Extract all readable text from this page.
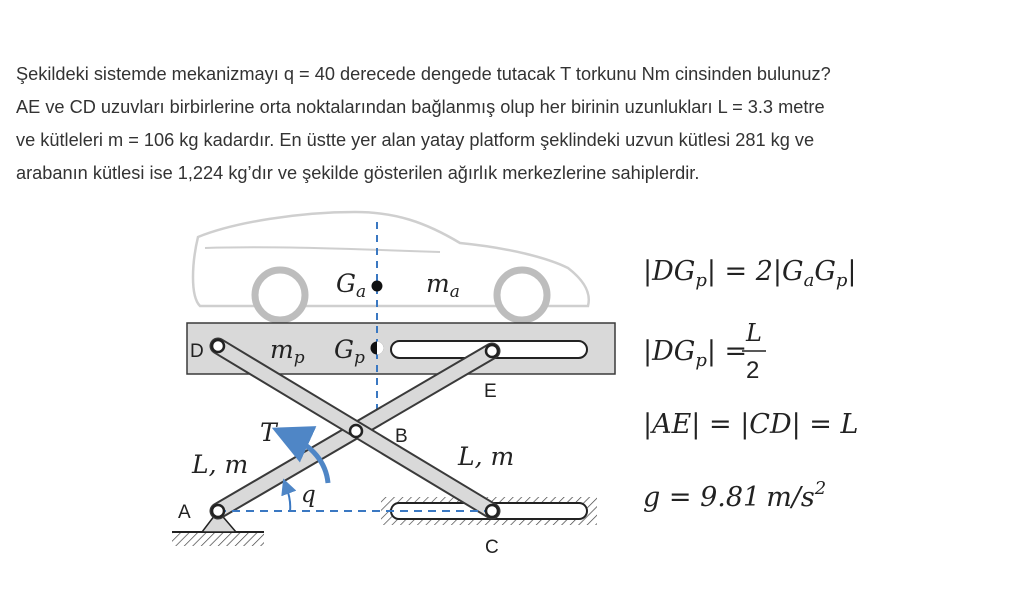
Şekildeki sistemde mekanizmayı q = 40 derecede dengede tutacak T torkunu Nm cinsinden bulunuz?
AE ve CD uzuvları birbirlerine orta noktalarından bağlanmış olup her birinin uzunlukları L = 3.3 metre
ve kütleleri m = 106 kg kadardır. En üstte yer alan yatay platform şeklindeki uzvun kütlesi 281 kg ve
arabanın kütlesi ise 1,224 kg’dır ve şekilde gösterilen ağırlık merkezlerine sahiplerdir.

$G_a$ $m_a$
$m_p$ $G_p$
D
E
B
A
C
T
q
L, m	L, m
$|DG_p| = 2|G_aG_p|$
$|DG_p|$ =
L
2
|AE| = |CD| = L
g = 9.81 $m/s^2$
